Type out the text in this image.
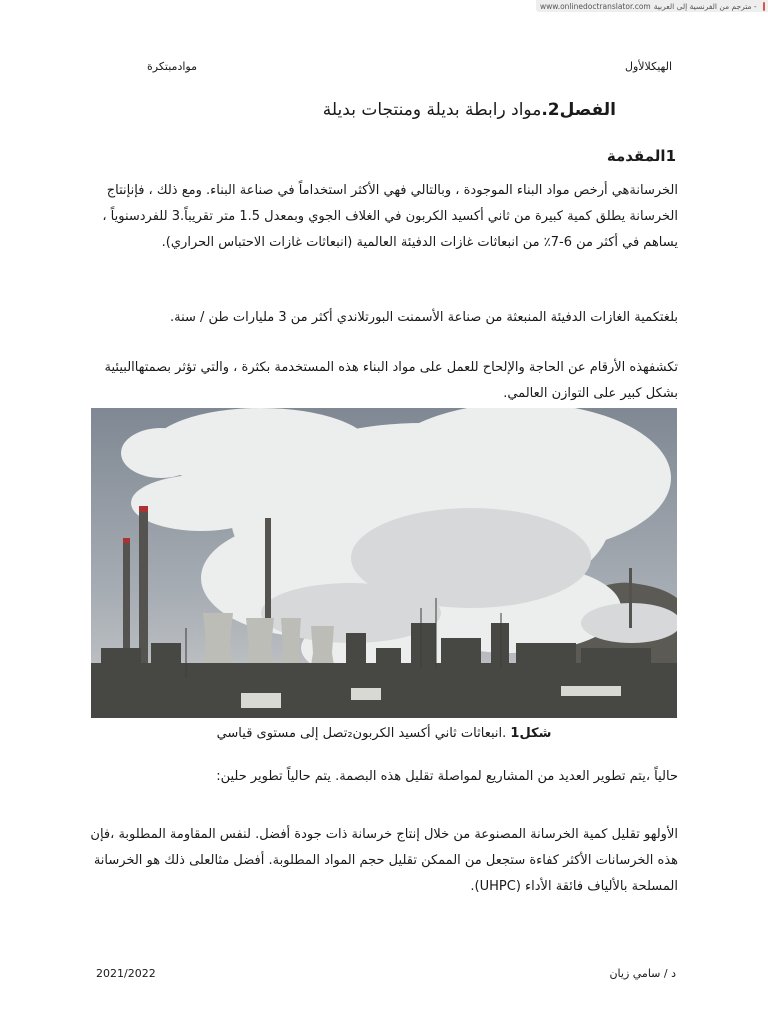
www.onlinedoctranslator.com مترجم من الفرنسية إلى العربية -
موادمبتكرة	الهيكلالأول
الفصل2.مواد رابطة بديلة ومنتجات بديلة
1المقدمة
الخرسانةهي أرخص مواد البناء الموجودة ، وبالتالي فهي الأكثر استخداماً في صناعة البناء. ومع ذلك ، فإنإنتاج الخرسانة يطلق كمية كبيرة من ثاني أكسيد الكربون في الغلاف الجوي وبمعدل 1.5 متر تقريباً.3 للفردسنوياً ، يساهم في أكثر من 6-7٪ من انبعاثات غازات الدفيئة العالمية (انبعاثات غازات الاحتباس الحراري).
بلغتكمية الغازات الدفيئة المنبعثة من صناعة الأسمنت البورتلاندي أكثر من 3 مليارات طن / سنة.
تكشفهذه الأرقام عن الحاجة والإلحاح للعمل على مواد البناء هذه المستخدمة بكثرة ، والتي تؤثر بصمتهاالبيئية بشكل كبير على التوازن العالمي.
شكل1 .انبعاثات ثاني أكسيد الكربون₂تصل إلى مستوى قياسي
حالياً ،يتم تطوير العديد من المشاريع لمواصلة تقليل هذه البصمة. يتم حالياً تطوير حلين:
الأولهو تقليل كمية الخرسانة المصنوعة من خلال إنتاج خرسانة ذات جودة أفضل. لنفس المقاومة المطلوبة ،فإن هذه الخرسانات الأكثر كفاءة ستجعل من الممكن تقليل حجم المواد المطلوبة. أفضل مثالعلى ذلك هو الخرسانة المسلحة بالألياف فائقة الأداء (UHPC).
2021/2022	د / سامي زيان
